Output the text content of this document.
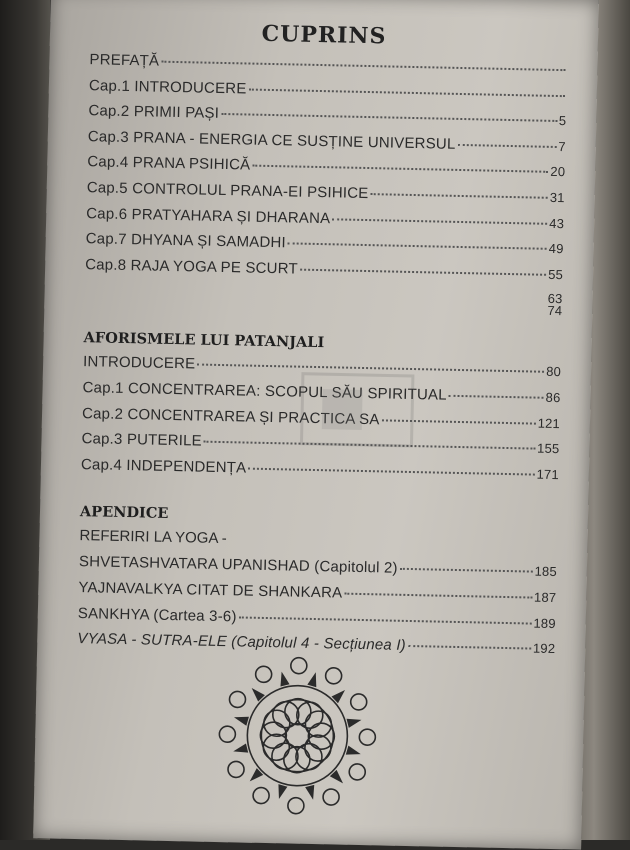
CUPRINS
PREFAȚĂ
Cap.1 INTRODUCERE
Cap.2 PRIMII PAȘI	5
Cap.3 PRANA - ENERGIA CE SUSȚINE UNIVERSUL	7
Cap.4 PRANA PSIHICĂ	20
Cap.5 CONTROLUL PRANA-EI PSIHICE	31
Cap.6 PRATYAHARA ȘI DHARANA	43
Cap.7 DHYANA ȘI SAMADHI	49
Cap.8 RAJA YOGA PE SCURT	55
63
74
AFORISMELE LUI PATANJALI
INTRODUCERE	80
Cap.1 CONCENTRAREA: SCOPUL SĂU SPIRITUAL	86
Cap.2 CONCENTRAREA ȘI PRACTICA SA	121
Cap.3 PUTERILE	155
Cap.4 INDEPENDENȚA	171
APENDICE
REFERIRI LA YOGA -
SHVETASHVATARA UPANISHAD (Capitolul 2)	185
YAJNAVALKYA CITAT DE SHANKARA	187
SANKHYA (Cartea 3-6)	189
VYASA - SUTRA-ELE (Capitolul 4 - Secțiunea I)	192
